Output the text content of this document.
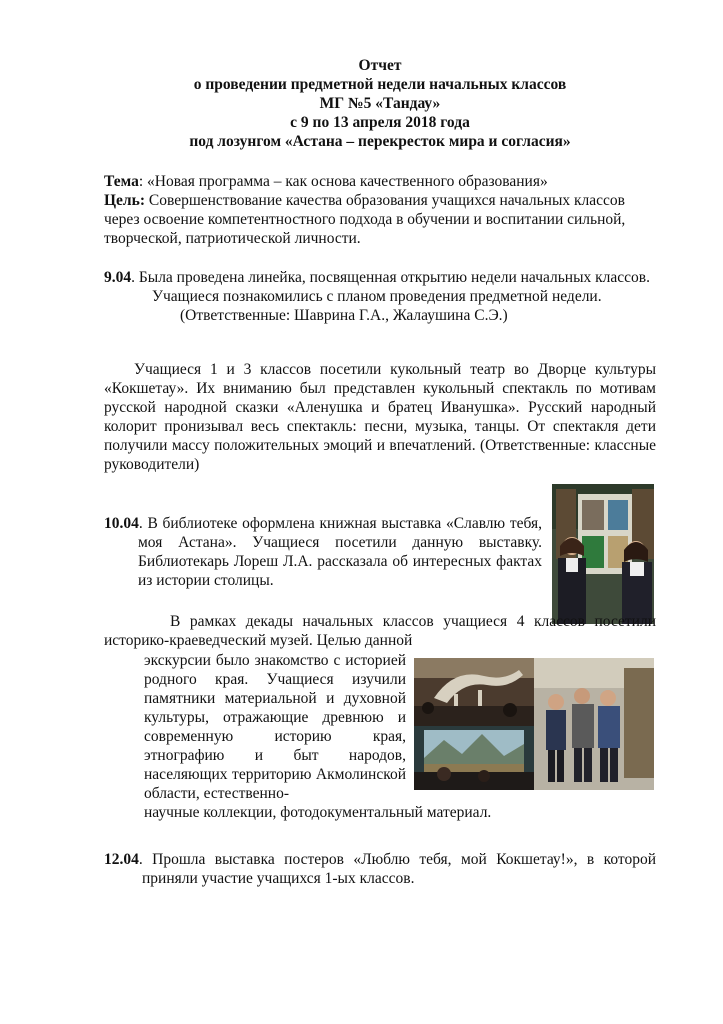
Отчет
о проведении предметной недели начальных классов
МГ №5 «Тандау»
с 9 по 13 апреля 2018 года
под лозунгом «Астана – перекресток мира и согласия»

Тема: «Новая программа – как основа качественного образования»

Цель: Совершенствование качества образования учащихся начальных классов через освоение компетентностного подхода в обучении и воспитании сильной, творческой, патриотической личности.

9.04. Была проведена линейка, посвященная открытию недели начальных классов.

Учащиеся познакомились с планом проведения предметной недели.

(Ответственные: Шаврина Г.А., Жалаушина С.Э.)

Учащиеся 1 и 3 классов посетили кукольный театр во Дворце культуры «Кокшетау». Их вниманию был представлен кукольный спектакль по мотивам русской народной сказки «Аленушка и братец Иванушка». Русский народный колорит пронизывал весь спектакль: песни, музыка, танцы. От спектакля дети получили массу положительных эмоций и впечатлений. (Ответственные: классные руководители)

10.04. В библиотеке оформлена книжная выставка «Славлю тебя, моя Астана». Учащиеся посетили данную выставку. Библиотекарь Лореш Л.А. рассказала об интересных фактах из истории столицы.

В рамках декады начальных классов учащиеся 4 классов посетили историко-краеведческий музей. Целью данной

экскурсии было знакомство с историей родного края. Учащиеся изучили памятники материальной и духовной культуры, отражающие древнюю и современную историю края, этнографию и быт народов, населяющих территорию Акмолинской области, естественно-

научные коллекции, фотодокументальный материал.

12.04. Прошла выставка постеров «Люблю тебя, мой Кокшетау!», в которой приняли участие учащихся 1-ых классов.
